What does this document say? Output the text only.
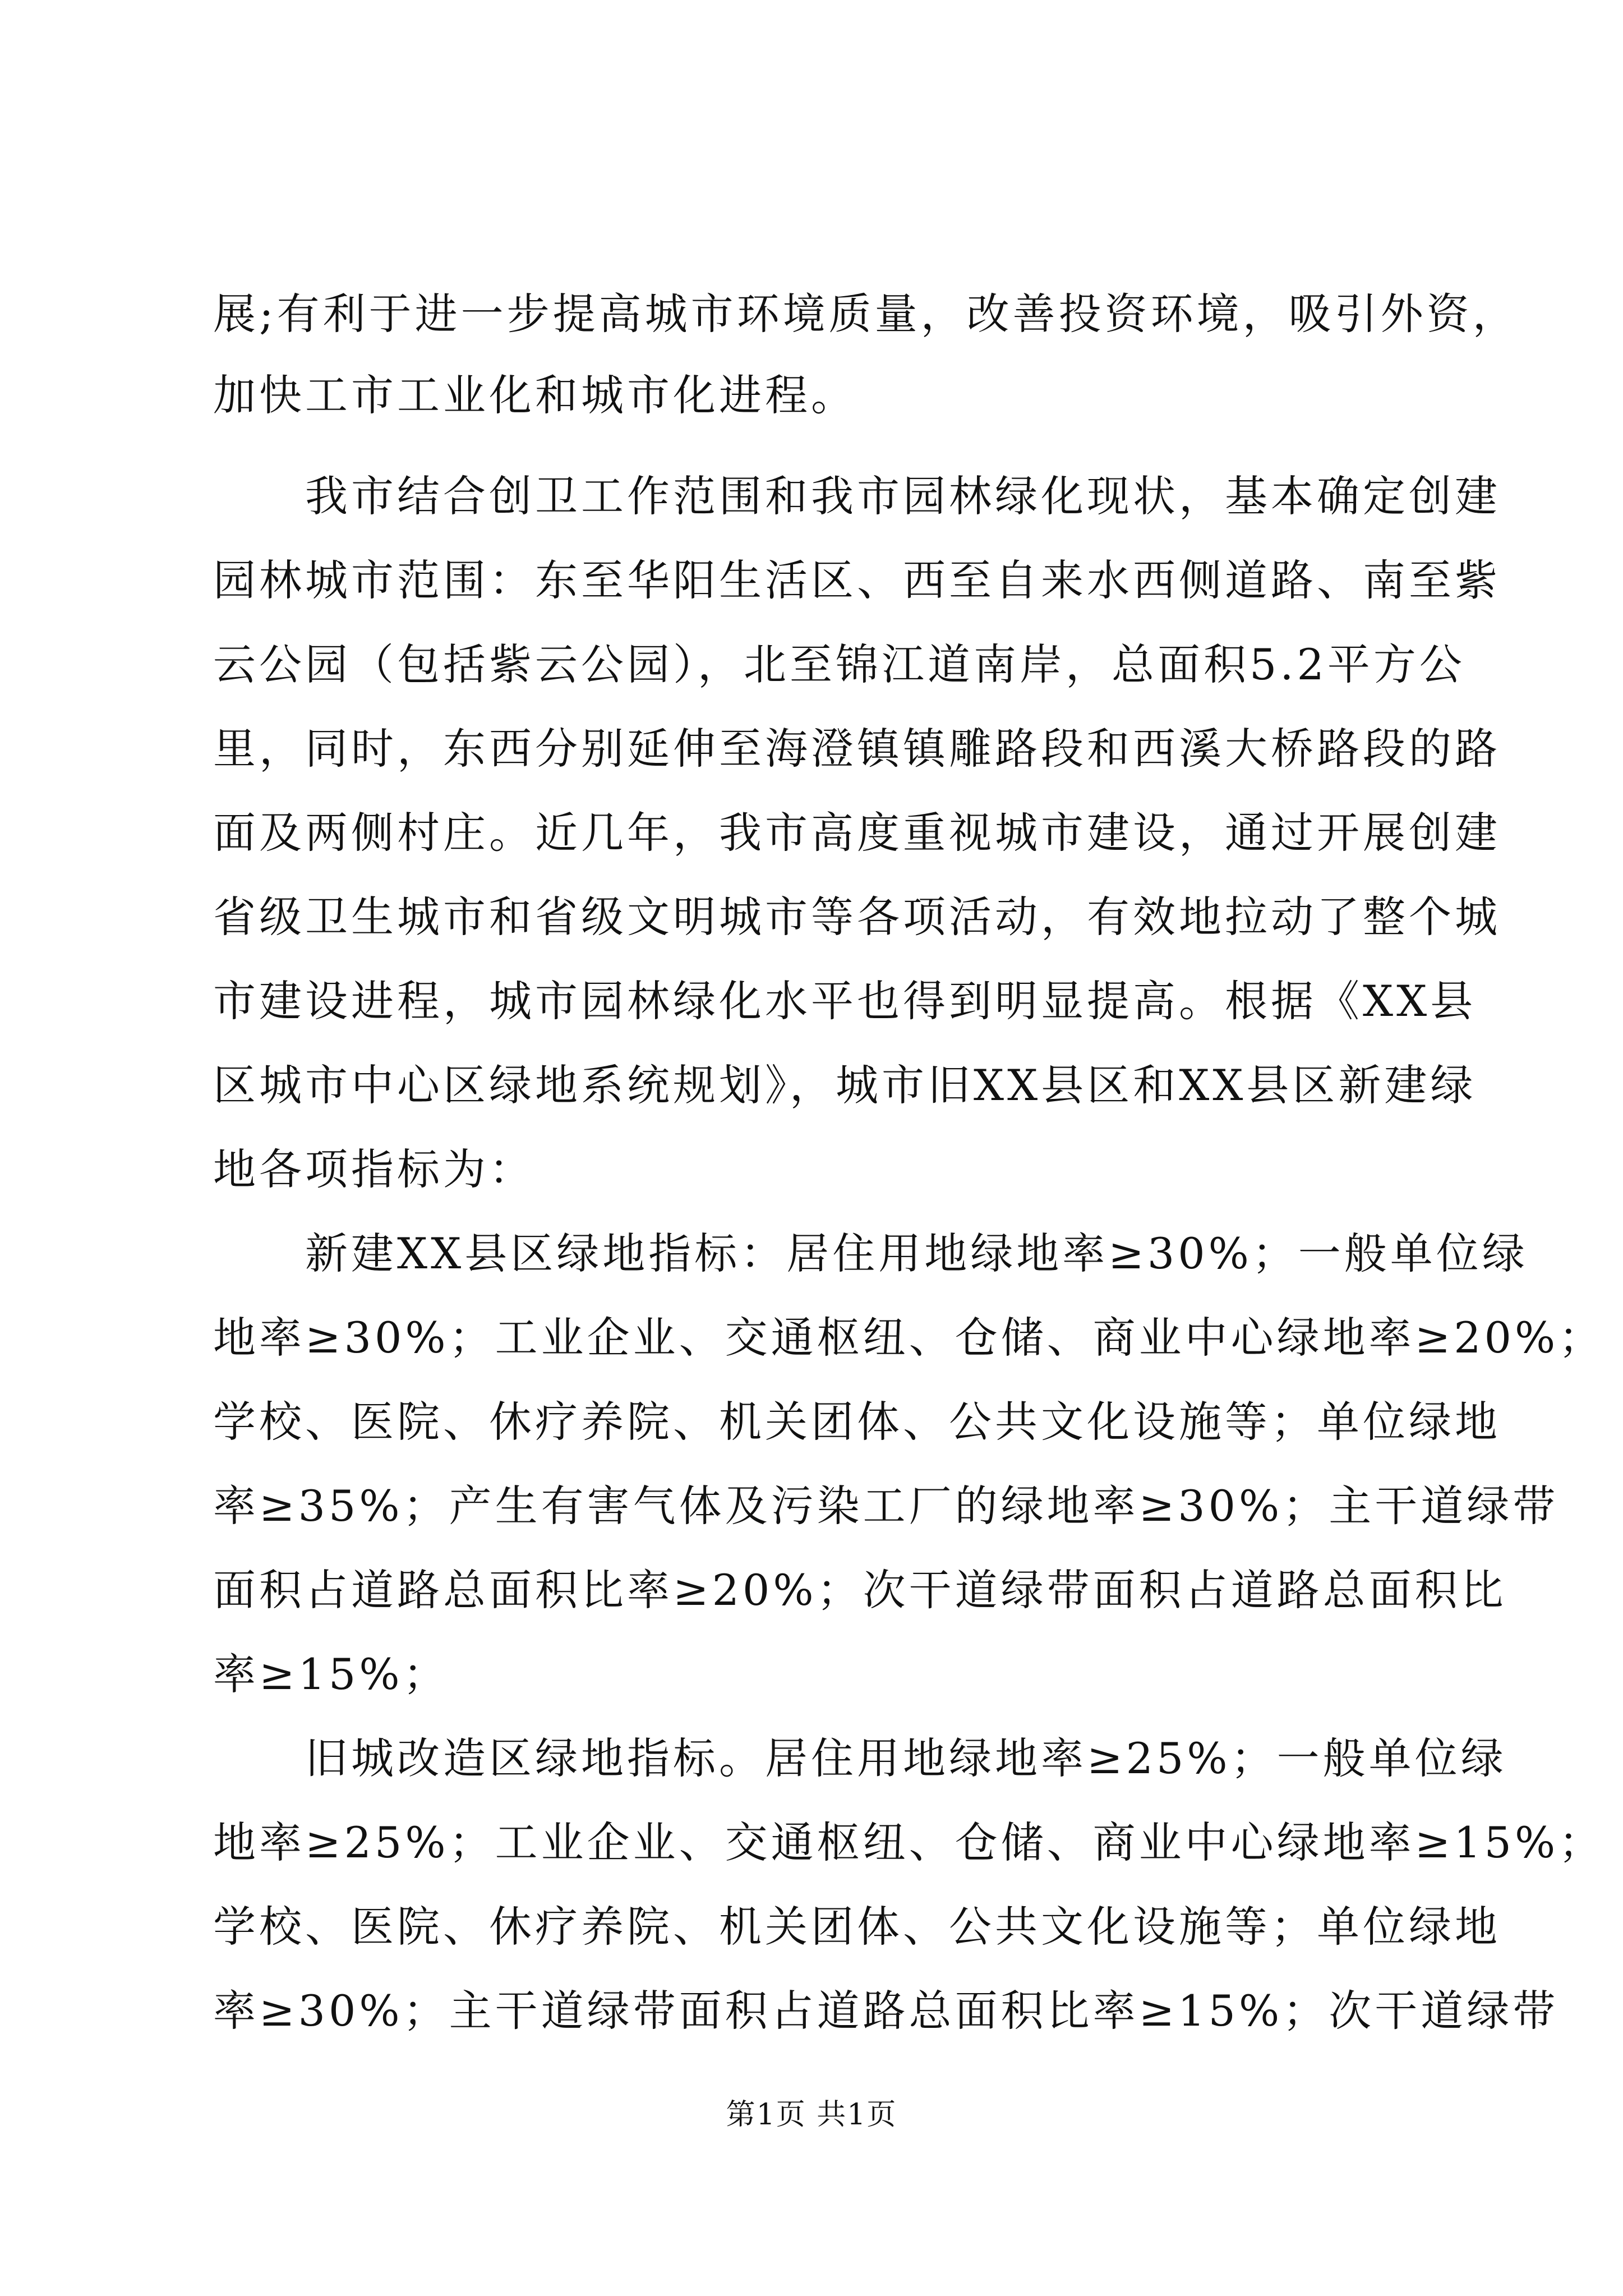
展;有利于进一步提高城市环境质量，改善投资环境，吸引外资，
加快工市工业化和城市化进程。
　　我市结合创卫工作范围和我市园林绿化现状，基本确定创建
园林城市范围：东至华阳生活区、西至自来水西侧道路、南至紫
云公园（包括紫云公园），北至锦江道南岸，总面积5.2平方公
里，同时，东西分别延伸至海澄镇镇雕路段和西溪大桥路段的路
面及两侧村庄。近几年，我市高度重视城市建设，通过开展创建
省级卫生城市和省级文明城市等各项活动，有效地拉动了整个城
市建设进程，城市园林绿化水平也得到明显提高。根据《XX县
区城市中心区绿地系统规划》，城市旧XX县区和XX县区新建绿
地各项指标为：
　　新建XX县区绿地指标：居住用地绿地率≥30%；一般单位绿
地率≥30%；工业企业、交通枢纽、仓储、商业中心绿地率≥20%；
学校、医院、休疗养院、机关团体、公共文化设施等；单位绿地
率≥35%；产生有害气体及污染工厂的绿地率≥30%；主干道绿带
面积占道路总面积比率≥20%；次干道绿带面积占道路总面积比
率≥15%；
　　旧城改造区绿地指标。居住用地绿地率≥25%；一般单位绿
地率≥25%；工业企业、交通枢纽、仓储、商业中心绿地率≥15%；
学校、医院、休疗养院、机关团体、公共文化设施等；单位绿地
率≥30%；主干道绿带面积占道路总面积比率≥15%；次干道绿带
第1页 共1页
